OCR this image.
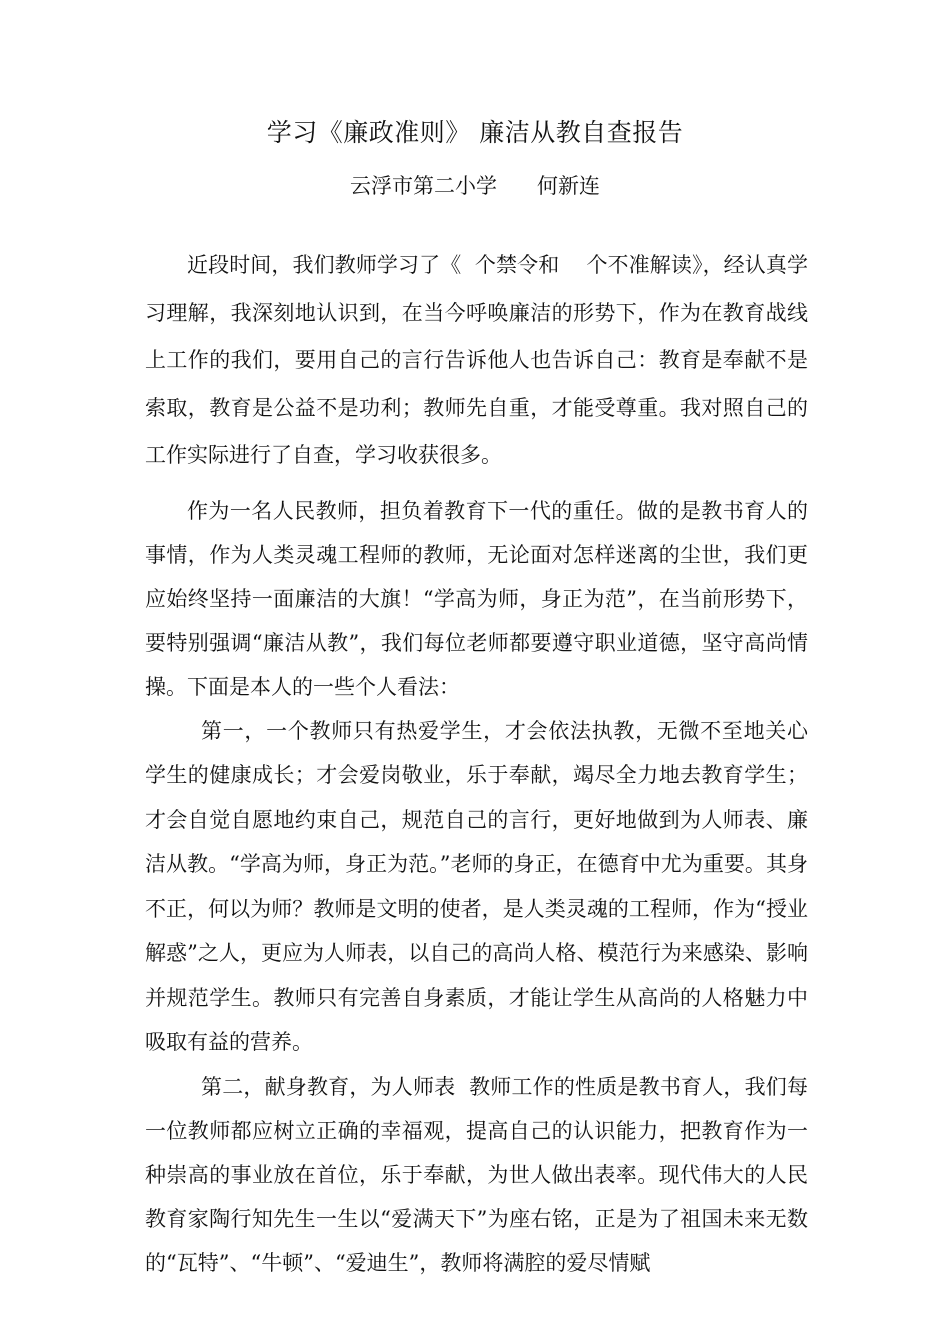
学习《廉政准则》 廉洁从教自查报告
云浮市第二小学      何新连

近段时间，我们教师学习了《  个禁令和    个不准解读》，经认真学习理解，我深刻地认识到，在当今呼唤廉洁的形势下，作为在教育战线上工作的我们，要用自己的言行告诉他人也告诉自己：教育是奉献不是索取，教育是公益不是功利；教师先自重，才能受尊重。我对照自己的工作实际进行了自查，学习收获很多。

作为一名人民教师，担负着教育下一代的重任。做的是教书育人的事情，作为人类灵魂工程师的教师，无论面对怎样迷离的尘世，我们更应始终坚持一面廉洁的大旗！“学高为师，身正为范”，在当前形势下，要特别强调“廉洁从教”，我们每位老师都要遵守职业道德，坚守高尚情操。下面是本人的一些个人看法：

第一，一个教师只有热爱学生，才会依法执教，无微不至地关心学生的健康成长；才会爱岗敬业，乐于奉献，竭尽全力地去教育学生；才会自觉自愿地约束自己，规范自己的言行，更好地做到为人师表、廉洁从教。“学高为师，身正为范。”老师的身正，在德育中尤为重要。其身不正，何以为师？教师是文明的使者，是人类灵魂的工程师，作为“授业解惑”之人，更应为人师表，以自己的高尚人格、模范行为来感染、影响并规范学生。教师只有完善自身素质，才能让学生从高尚的人格魅力中吸取有益的营养。

第二，献身教育，为人师表  教师工作的性质是教书育人，我们每一位教师都应树立正确的幸福观，提高自己的认识能力，把教育作为一种崇高的事业放在首位，乐于奉献，为世人做出表率。现代伟大的人民教育家陶行知先生一生以“爱满天下”为座右铭，正是为了祖国未来无数的“瓦特”、“牛顿”、“爱迪生”，教师将满腔的爱尽情赋
